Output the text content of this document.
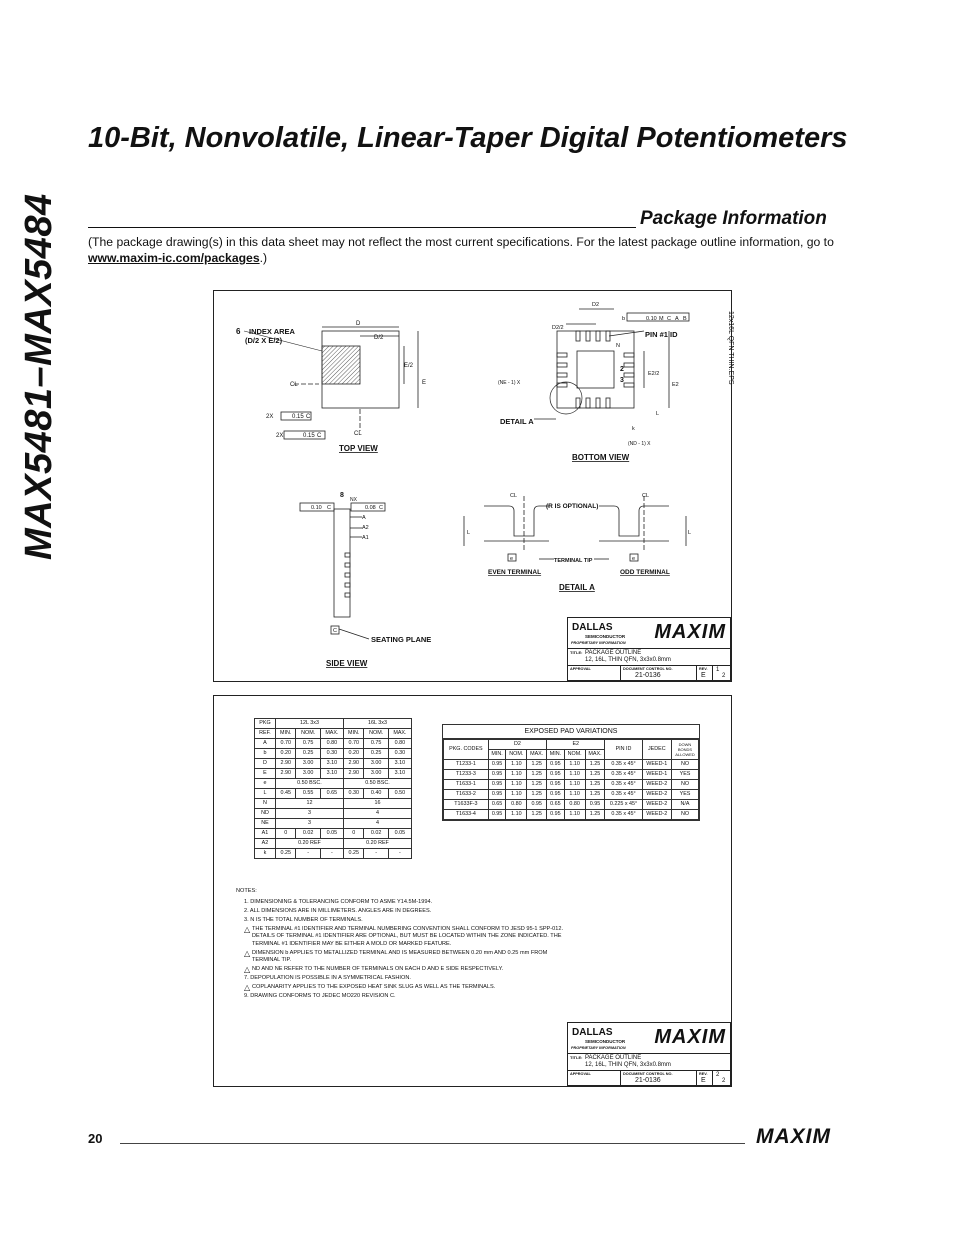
MAX5481–MAX5484
10-Bit, Nonvolatile, Linear-Taper Digital Potentiometers
Package Information
(The package drawing(s) in this data sheet may not reflect the most current specifications. For the latest package outline information, go to www.maxim-ic.com/packages.)
12x16L QFN THIN.EPS
6 INDEX AREA
(D/2 X E/2)
D
D/2
E/2
E
CL
CL
2X	0.15 C
2X	0.15 C
TOP VIEW
D2
D2/2
b	0.10 M C A B
PIN #1 ID
N
2
3
E2/2
E2
(NE - 1) X
L
k
(ND - 1) X
DETAIL A
BOTTOM VIEW
0.10 C
8
NX
0.08 C
A
A2
A1
C
SEATING PLANE
SIDE VIEW
CL	CL
(R IS OPTIONAL)
L	L
e	e
TERMINAL TIP
EVEN TERMINAL	ODD TERMINAL
DETAIL A
DALLAS
SEMICONDUCTOR
PROPRIETARY INFORMATION MAXIM
TITLE: PACKAGE OUTLINE
12, 16L, THIN QFN, 3x3x0.8mm
APPROVAL	DOCUMENT CONTROL NO.
21-0136
REV.
E
1
2
PKG	12L 3x3			16L 3x3		
REF.	MIN.	NOM.	MAX.	MIN.	NOM.	MAX.
A	0.70	0.75	0.80	0.70	0.75	0.80
b	0.20	0.25	0.30	0.20	0.25	0.30
D	2.90	3.00	3.10	2.90	3.00	3.10
E	2.90	3.00	3.10	2.90	3.00	3.10
e	0.50 BSC.			0.50 BSC.		
L	0.45	0.55	0.65	0.30	0.40	0.50
N	12			16		
ND	3			4		
NE	3			4		
A1	0	0.02	0.05	0	0.02	0.05
A2	0.20 REF			0.20 REF		
k	0.25	-	-	0.25	-	-
EXPOSED PAD VARIATIONS
PKG. CODES	D2			E2			PIN ID	JEDEC	DOWN BONDS ALLOWED
	MIN.	NOM.	MAX.	MIN.	NOM.	MAX.			
T1233-1	0.95	1.10	1.25	0.95	1.10	1.25	0.35 x 45°	WEED-1	NO
T1233-3	0.95	1.10	1.25	0.95	1.10	1.25	0.35 x 45°	WEED-1	YES
T1633-1	0.95	1.10	1.25	0.95	1.10	1.25	0.35 x 45°	WEED-2	NO
T1633-2	0.95	1.10	1.25	0.95	1.10	1.25	0.35 x 45°	WEED-2	YES
T1633F-3	0.65	0.80	0.95	0.65	0.80	0.95	0.225 x 45°	WEED-2	N/A
T1633-4	0.95	1.10	1.25	0.95	1.10	1.25	0.35 x 45°	WEED-2	NO
NOTES:
1. DIMENSIONING & TOLERANCING CONFORM TO ASME Y14.5M-1994.
2. ALL DIMENSIONS ARE IN MILLIMETERS. ANGLES ARE IN DEGREES.
3. N IS THE TOTAL NUMBER OF TERMINALS.
△ THE TERMINAL #1 IDENTIFIER AND TERMINAL NUMBERING CONVENTION SHALL CONFORM TO JESD 95-1 SPP-012. DETAILS OF TERMINAL #1 IDENTIFIER ARE OPTIONAL, BUT MUST BE LOCATED WITHIN THE ZONE INDICATED. THE TERMINAL #1 IDENTIFIER MAY BE EITHER A MOLD OR MARKED FEATURE.
△ DIMENSION b APPLIES TO METALLIZED TERMINAL AND IS MEASURED BETWEEN 0.20 mm AND 0.25 mm FROM TERMINAL TIP.
△ ND AND NE REFER TO THE NUMBER OF TERMINALS ON EACH D AND E SIDE RESPECTIVELY.
7. DEPOPULATION IS POSSIBLE IN A SYMMETRICAL FASHION.
△ COPLANARITY APPLIES TO THE EXPOSED HEAT SINK SLUG AS WELL AS THE TERMINALS.
9. DRAWING CONFORMS TO JEDEC MO220 REVISION C.
DALLAS
SEMICONDUCTOR
PROPRIETARY INFORMATION MAXIM
TITLE: PACKAGE OUTLINE
12, 16L, THIN QFN, 3x3x0.8mm
APPROVAL	DOCUMENT CONTROL NO.
21-0136
REV.
E
2
2
20	MAXIM
